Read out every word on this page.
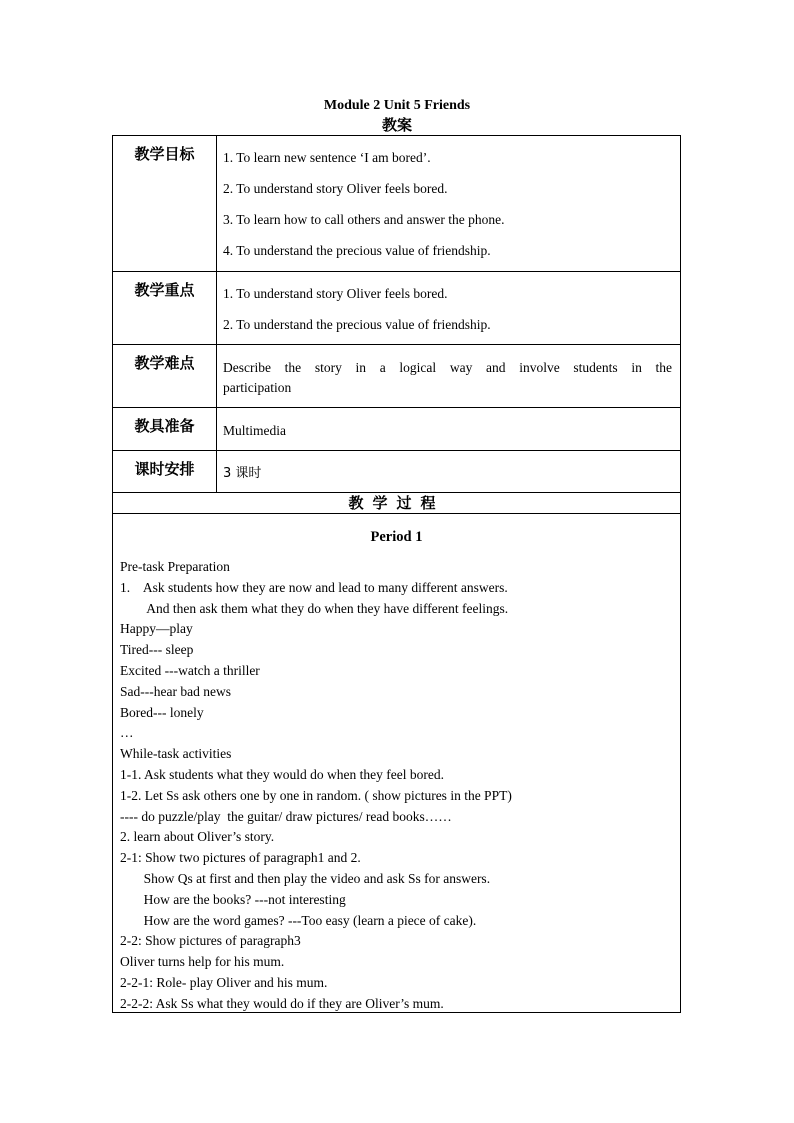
Module 2 Unit 5 Friends
教案
教学目标	1. To learn new sentence ‘I am bored’.
2. To understand story Oliver feels bored.
3. To learn how to call others and answer the phone.
4. To understand the precious value of friendship.
教学重点	1. To understand story Oliver feels bored.
2. To understand the precious value of friendship.
教学难点	Describe the story in a logical way and involve students in the participation
教具准备	Multimedia
课时安排	3 课时
教学过程
Period 1
Pre-task Preparation
1.    Ask students how they are now and lead to many different answers.
And then ask them what they do when they have different feelings.
Happy—play
Tired--- sleep
Excited ---watch a thriller
Sad---hear bad news
Bored--- lonely
…
While-task activities
1-1. Ask students what they would do when they feel bored.
1-2. Let Ss ask others one by one in random. ( show pictures in the PPT)
---- do puzzle/play  the guitar/ draw pictures/ read books……
2. learn about Oliver’s story.
2-1: Show two pictures of paragraph1 and 2.
Show Qs at first and then play the video and ask Ss for answers.
How are the books? ---not interesting
How are the word games? ---Too easy (learn a piece of cake).
2-2: Show pictures of paragraph3
Oliver turns help for his mum.
2-2-1: Role- play Oliver and his mum.
2-2-2: Ask Ss what they would do if they are Oliver’s mum.
